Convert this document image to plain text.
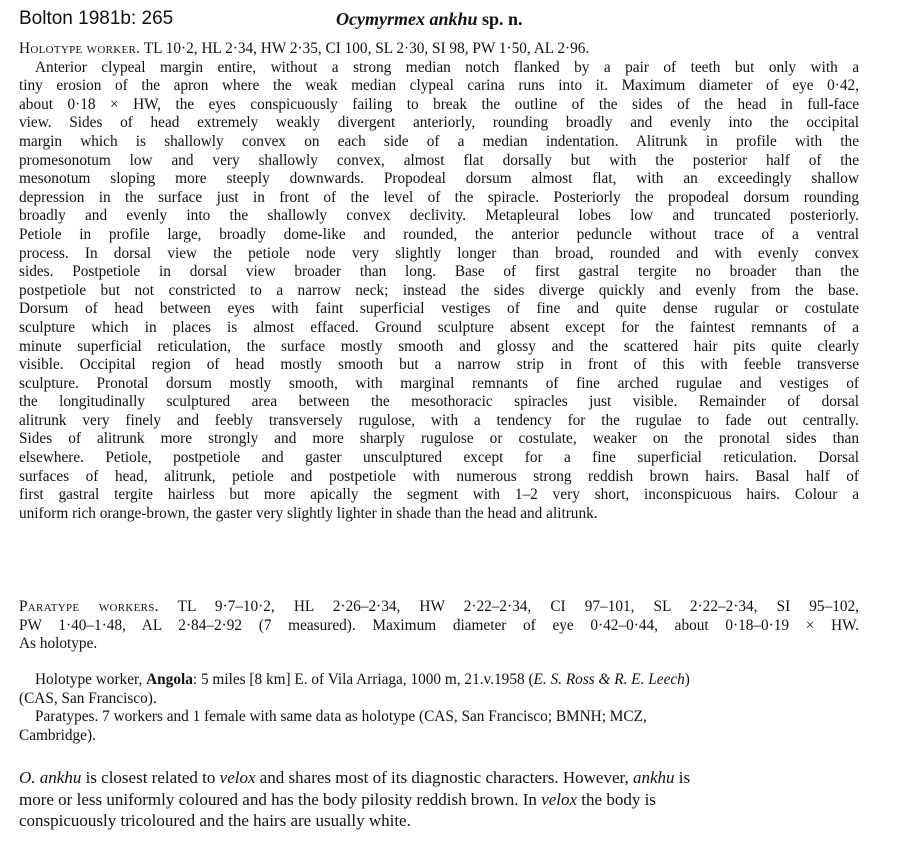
Bolton 1981b: 265	Ocymyrmex ankhu sp. n.
Holotype worker. TL 10·2, HL 2·34, HW 2·35, CI 100, SL 2·30, SI 98, PW 1·50, AL 2·96.
Anterior clypeal margin entire, without a strong median notch flanked by a pair of teeth but only with a
tiny erosion of the apron where the weak median clypeal carina runs into it. Maximum diameter of eye 0·42,
about 0·18 × HW, the eyes conspicuously failing to break the outline of the sides of the head in full-face
view. Sides of head extremely weakly divergent anteriorly, rounding broadly and evenly into the occipital
margin which is shallowly convex on each side of a median indentation. Alitrunk in profile with the
promesonotum low and very shallowly convex, almost flat dorsally but with the posterior half of the
mesonotum sloping more steeply downwards. Propodeal dorsum almost flat, with an exceedingly shallow
depression in the surface just in front of the level of the spiracle. Posteriorly the propodeal dorsum rounding
broadly and evenly into the shallowly convex declivity. Metapleural lobes low and truncated posteriorly.
Petiole in profile large, broadly dome-like and rounded, the anterior peduncle without trace of a ventral
process. In dorsal view the petiole node very slightly longer than broad, rounded and with evenly convex
sides. Postpetiole in dorsal view broader than long. Base of first gastral tergite no broader than the
postpetiole but not constricted to a narrow neck; instead the sides diverge quickly and evenly from the base.
Dorsum of head between eyes with faint superficial vestiges of fine and quite dense rugular or costulate
sculpture which in places is almost effaced. Ground sculpture absent except for the faintest remnants of a
minute superficial reticulation, the surface mostly smooth and glossy and the scattered hair pits quite clearly
visible. Occipital region of head mostly smooth but a narrow strip in front of this with feeble transverse
sculpture. Pronotal dorsum mostly smooth, with marginal remnants of fine arched rugulae and vestiges of
the longitudinally sculptured area between the mesothoracic spiracles just visible. Remainder of dorsal
alitrunk very finely and feebly transversely rugulose, with a tendency for the rugulae to fade out centrally.
Sides of alitrunk more strongly and more sharply rugulose or costulate, weaker on the pronotal sides than
elsewhere. Petiole, postpetiole and gaster unsculptured except for a fine superficial reticulation. Dorsal
surfaces of head, alitrunk, petiole and postpetiole with numerous strong reddish brown hairs. Basal half of
first gastral tergite hairless but more apically the segment with 1–2 very short, inconspicuous hairs. Colour a
uniform rich orange-brown, the gaster very slightly lighter in shade than the head and alitrunk.
Paratype workers. TL 9·7–10·2, HL 2·26–2·34, HW 2·22–2·34, CI 97–101, SL 2·22–2·34, SI 95–102,
PW 1·40–1·48, AL 2·84–2·92 (7 measured). Maximum diameter of eye 0·42–0·44, about 0·18–0·19 × HW.
As holotype.
Holotype worker, Angola: 5 miles [8 km] E. of Vila Arriaga, 1000 m, 21.v.1958 (E. S. Ross & R. E. Leech)
(CAS, San Francisco).
Paratypes. 7 workers and 1 female with same data as holotype (CAS, San Francisco; BMNH; MCZ,
Cambridge).
O. ankhu is closest related to velox and shares most of its diagnostic characters. However, ankhu is
more or less uniformly coloured and has the body pilosity reddish brown. In velox the body is
conspicuously tricoloured and the hairs are usually white.
